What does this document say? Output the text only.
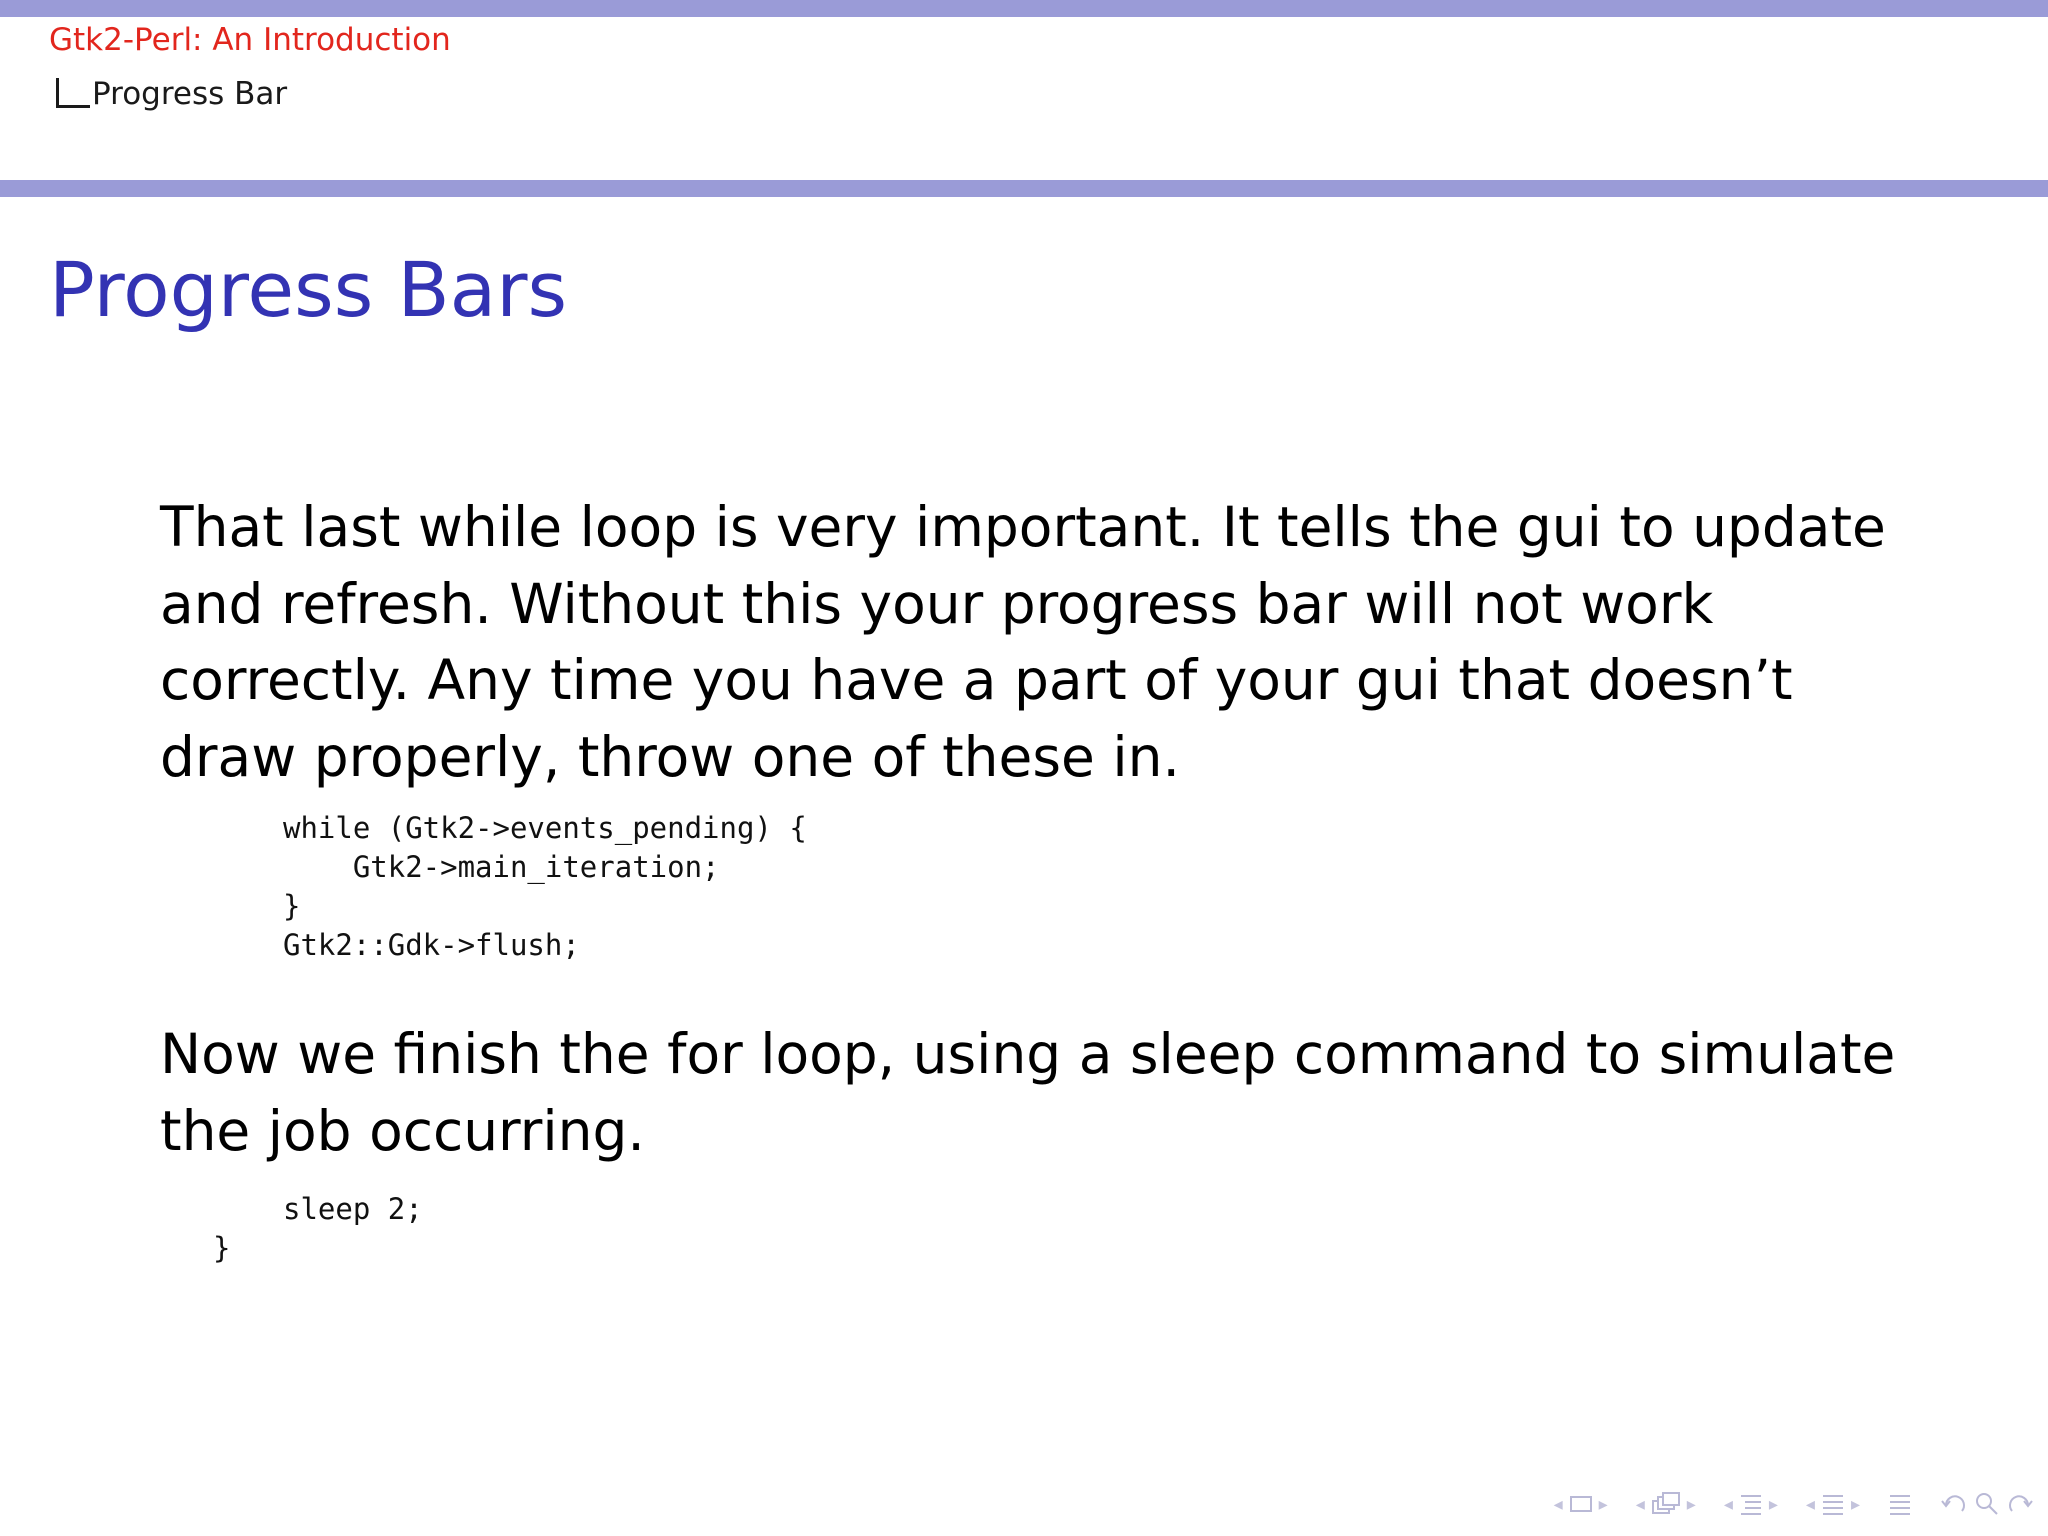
Gtk2-Perl: An Introduction
Progress Bar
Progress Bars
That last while loop is very important. It tells the gui to update and refresh. Without this your progress bar will not work correctly. Any time you have a part of your gui that doesn’t draw properly, throw one of these in.
while (Gtk2->events_pending) {
Gtk2->main_iteration;
}
Gtk2::Gdk->flush;
Now we finish the for loop, using a sleep command to simulate the job occurring.
sleep 2;
}
◂ ▸ ◂ ▸ ◂ ▸ ◂ ▸
